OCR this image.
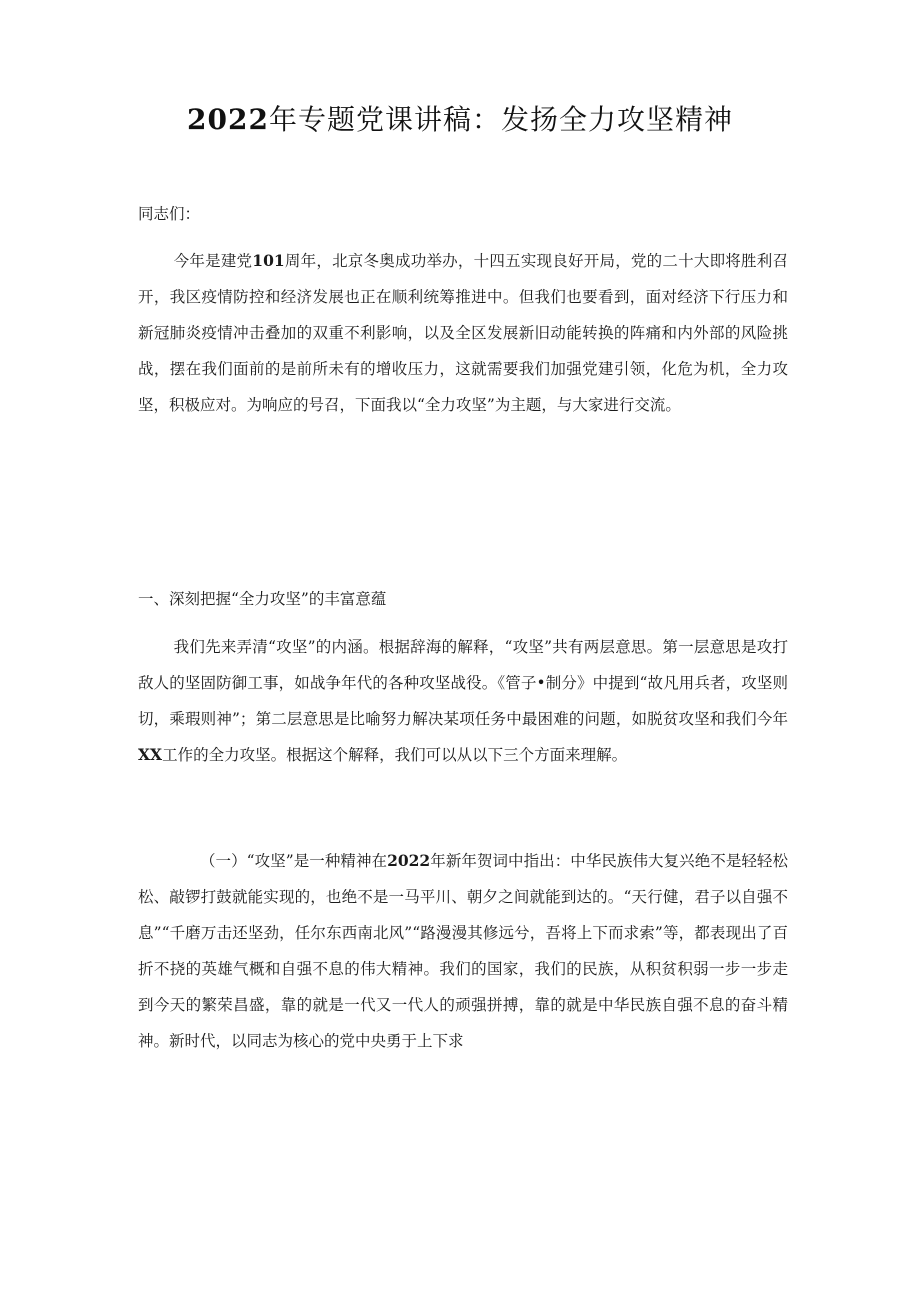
2022年专题党课讲稿：发扬全力攻坚精神
同志们：

今年是建党101周年，北京冬奥成功举办，十四五实现良好开局，党的二十大即将胜利召开，我区疫情防控和经济发展也正在顺利统筹推进中。但我们也要看到，面对经济下行压力和新冠肺炎疫情冲击叠加的双重不利影响，以及全区发展新旧动能转换的阵痛和内外部的风险挑战，摆在我们面前的是前所未有的增收压力，这就需要我们加强党建引领，化危为机，全力攻坚，积极应对。为响应的号召，下面我以“全力攻坚”为主题，与大家进行交流。

一、深刻把握“全力攻坚”的丰富意蕴

我们先来弄清“攻坚”的内涵。根据辞海的解释，“攻坚”共有两层意思。第一层意思是攻打敌人的坚固防御工事，如战争年代的各种攻坚战役。《管子•制分》中提到“故凡用兵者，攻坚则切，乘瑕则神”；第二层意思是比喻努力解决某项任务中最困难的问题，如脱贫攻坚和我们今年XX工作的全力攻坚。根据这个解释，我们可以从以下三个方面来理解。

（一）“攻坚”是一种精神在2022年新年贺词中指出：中华民族伟大复兴绝不是轻轻松松、敲锣打鼓就能实现的，也绝不是一马平川、朝夕之间就能到达的。“天行健，君子以自强不息”“千磨万击还坚劲，任尔东西南北风”“路漫漫其修远兮，吾将上下而求索”等，都表现出了百折不挠的英雄气概和自强不息的伟大精神。我们的国家，我们的民族，从积贫积弱一步一步走到今天的繁荣昌盛，靠的就是一代又一代人的顽强拼搏，靠的就是中华民族自强不息的奋斗精神。新时代，以同志为核心的党中央勇于上下求
